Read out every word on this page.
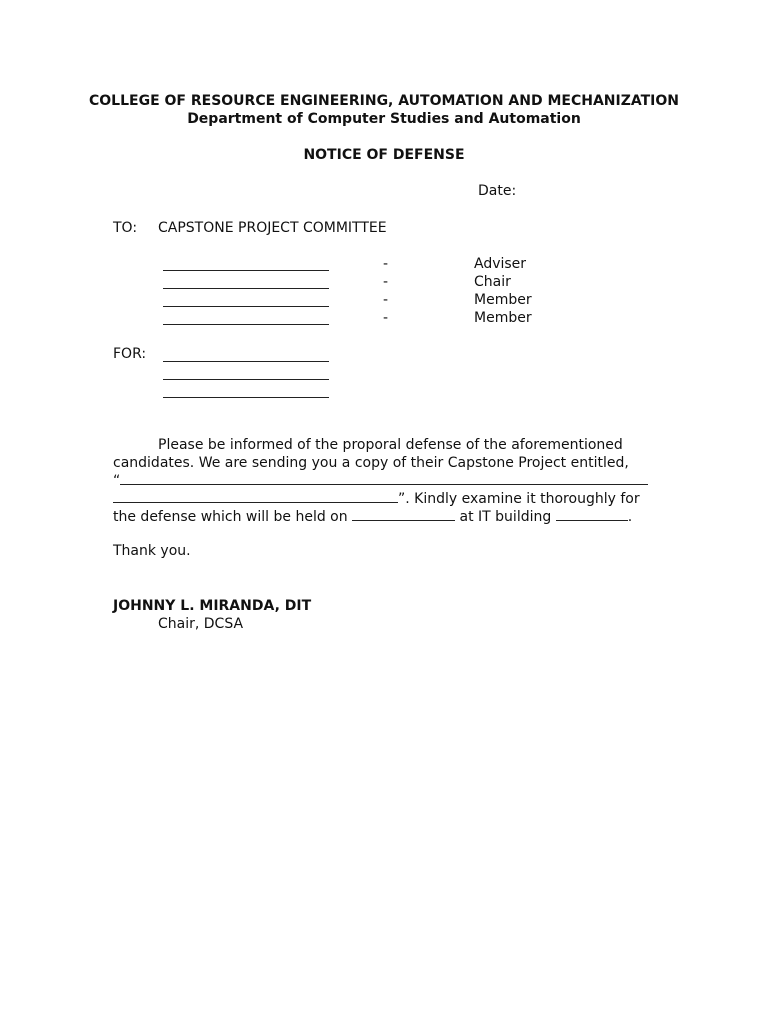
COLLEGE OF RESOURCE ENGINEERING, AUTOMATION AND MECHANIZATION
Department of Computer Studies and Automation
NOTICE OF DEFENSE
Date:
TO: CAPSTONE PROJECT COMMITTEE
-	Adviser
-	Chair
-	Member
-	Member
FOR:
Please be informed of the proporal defense of the aforementioned
candidates. We are sending you a copy of their Capstone Project entitled,
“
”. Kindly examine it thoroughly for
the defense which will be held on	at IT building	.
Thank you.
JOHNNY L. MIRANDA, DIT
Chair, DCSA
